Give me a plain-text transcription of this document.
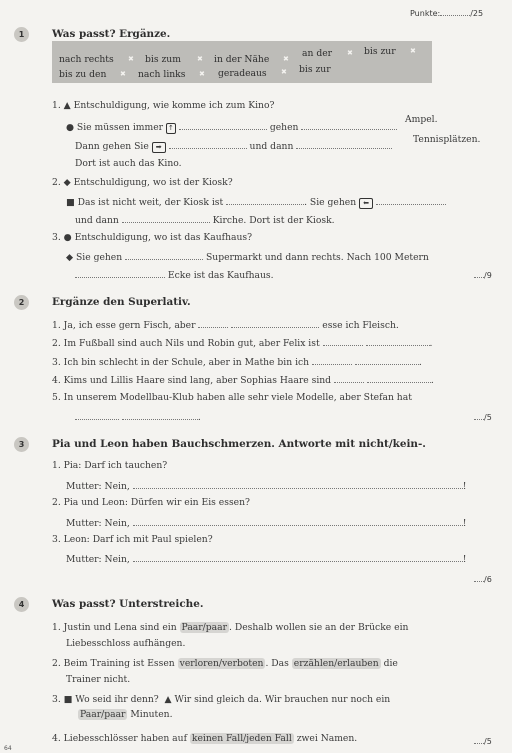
Punkte:	/25
1	Was passt? Ergänze.
nach rechts ✖ bis zum ✖ in der Nähe ✖ an der ✖ bis zur ✖
bis zu den ✖ nach links ✖ geradeaus ✖ bis zur
1. ▲ Entschuldigung, wie komme ich zum Kino?
● Sie müssen immer ↑	gehen
Ampel.
Dann gehen Sie ➡	und dann
Tennisplätzen.
Dort ist auch das Kino.
2. ◆ Entschuldigung, wo ist der Kiosk?
■ Das ist nicht weit, der Kiosk ist	. Sie gehen ⬅
und dann	Kirche. Dort ist der Kiosk.
3. ● Entschuldigung, wo ist das Kaufhaus?
◆ Sie gehen	Supermarkt und dann rechts. Nach 100 Metern
Ecke ist das Kaufhaus.	/9
2	Ergänze den Superlativ.
1. Ja, ich esse gern Fisch, aber	esse ich Fleisch.
2. Im Fußball sind auch Nils und Robin gut, aber Felix ist	.
3. Ich bin schlecht in der Schule, aber in Mathe bin ich	.
4. Kims und Lillis Haare sind lang, aber Sophias Haare sind	.
5. In unserem Modellbau-Klub haben alle sehr viele Modelle, aber Stefan hat
.	/5
3	Pia und Leon haben Bauchschmerzen. Antworte mit nicht/kein-.
1. Pia: Darf ich tauchen?
Mutter: Nein,	!
2. Pia und Leon: Dürfen wir ein Eis essen?
Mutter: Nein,	!
3. Leon: Darf ich mit Paul spielen?
Mutter: Nein,	!
/6
4	Was passt? Unterstreiche.
1. Justin und Lena sind ein Paar/paar . Deshalb wollen sie an der Brücke ein
Liebesschloss aufhängen.
2. Beim Training ist Essen verloren/verboten . Das erzählen/erlauben die
Trainer nicht.
3. ■ Wo seid ihr denn? ▲ Wir sind gleich da. Wir brauchen nur noch ein
Paar/paar Minuten.
4. Liebesschlösser haben auf keinen Fall/jeden Fall zwei Namen.	/5
64
